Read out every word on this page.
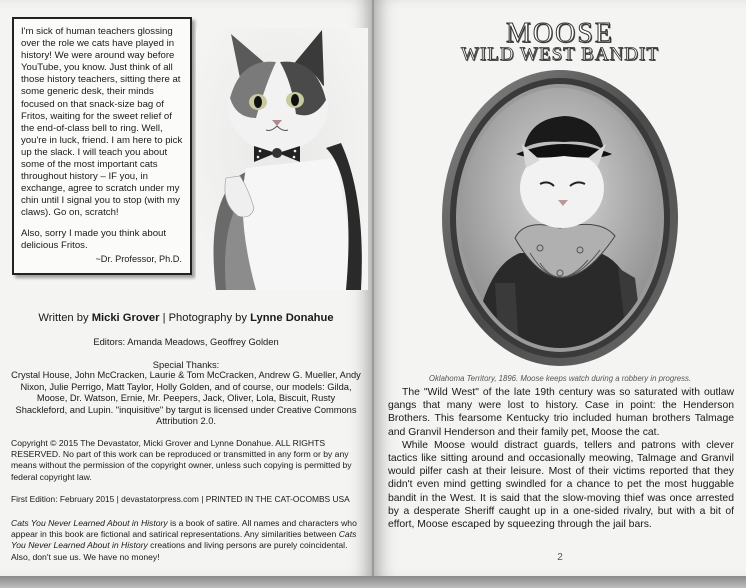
I'm sick of human teachers glossing over the role we cats have played in history! We were around way before YouTube, you know. Just think of all those history teachers, sitting there at some generic desk, their minds focused on that snack-size bag of Fritos, waiting for the sweet relief of the end-of-class bell to ring. Well, you're in luck, friend. I am here to pick up the slack. I will teach you about some of the most important cats throughout history – IF you, in exchange, agree to scratch under my chin until I signal you to stop (with my claws). Go on, scratch!

Also, sorry I made you think about delicious Fritos.

~Dr. Professor, Ph.D.
Written by Micki Grover | Photography by Lynne Donahue
Editors: Amanda Meadows, Geoffrey Golden
Special Thanks:
Crystal House, John McCracken, Laurie & Tom McCracken, Andrew G. Mueller, Andy Nixon, Julie Perrigo, Matt Taylor, Holly Golden, and of course, our models: Gilda, Moose, Dr. Watson, Ernie, Mr. Peepers, Jack, Oliver, Lola, Biscuit, Rusty Shackleford, and Lupin. "inquisitive" by targut is licensed under Creative Commons Attribution 2.0.
Copyright © 2015 The Devastator, Micki Grover and Lynne Donahue. ALL RIGHTS RESERVED. No part of this work can be reproduced or transmitted in any form or by any means without the permission of the copyright owner, unless such copying is permitted by federal copyright law.
First Edition: February 2015 | devastatorpress.com | PRINTED IN THE CAT-OCOMBS USA
Cats You Never Learned About in History is a book of satire. All names and characters who appear in this book are fictional and satirical representations. Any similarities between Cats You Never Learned About in History creations and living persons are purely coincidental. Also, don't sue us. We have no money!
MOOSE
WILD WEST BANDIT
Oklahoma Territory, 1896. Moose keeps watch during a robbery in progress.

The "Wild West" of the late 19th century was so saturated with outlaw gangs that many were lost to history. Case in point: the Henderson Brothers. This fearsome Kentucky trio included human brothers Talmage and Granvil Henderson and their family pet, Moose the cat.

While Moose would distract guards, tellers and patrons with clever tactics like sitting around and occasionally meowing, Talmage and Granvil would pilfer cash at their leisure. Most of their victims reported that they didn't even mind getting swindled for a chance to pet the most huggable bandit in the West. It is said that the slow-moving thief was once arrested by a desperate Sheriff caught up in a one-sided rivalry, but with a bit of effort, Moose escaped by squeezing through the jail bars.

2
